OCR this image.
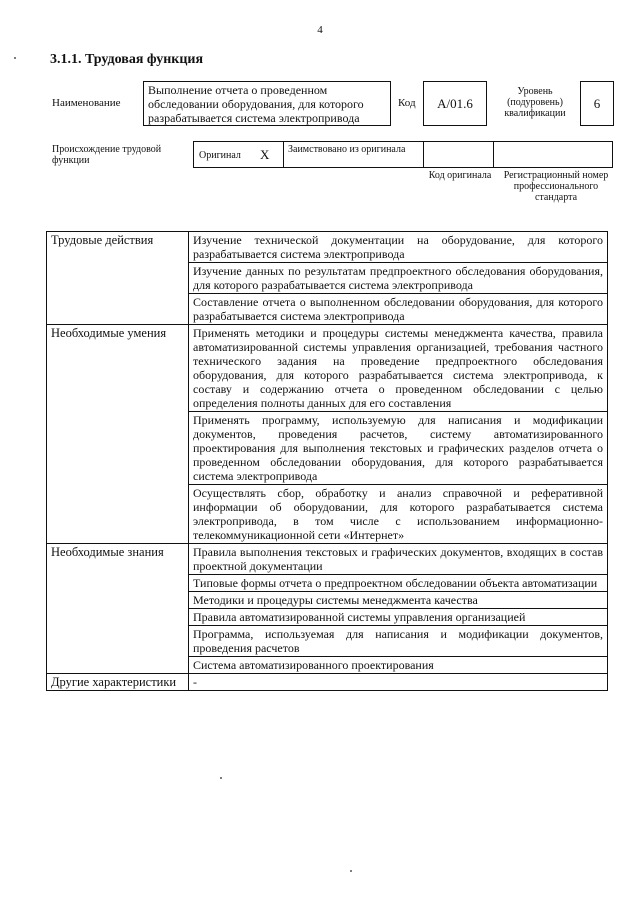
4
3.1.1. Трудовая функция
Наименование
Выполнение отчета о проведенном обследовании оборудования, для которого разрабатывается система электропривода
Код A/01.6
Уровень (подуровень) квалификации
6
Происхождение трудовой функции	Оригинал X Заимствовано из оригинала
Код оригинала	Регистрационный номер профессионального стандарта
Трудовые действия	Изучение технической документации на оборудование, для которого разрабатывается система электропривода
	Изучение данных по результатам предпроектного обследования оборудования, для которого разрабатывается система электропривода
	Составление отчета о выполненном обследовании оборудования, для которого разрабатывается система электропривода
Необходимые умения	Применять методики и процедуры системы менеджмента качества, правила автоматизированной системы управления организацией, требования частного технического задания на проведение предпроектного обследования оборудования, для которого разрабатывается система электропривода, к составу и содержанию отчета о проведенном обследовании с целью определения полноты данных для его составления
	Применять программу, используемую для написания и модификации документов, проведения расчетов, систему автоматизированного проектирования для выполнения текстовых и графических разделов отчета о проведенном обследовании оборудования, для которого разрабатывается система электропривода
	Осуществлять сбор, обработку и анализ справочной и реферативной информации об оборудовании, для которого разрабатывается система электропривода, в том числе с использованием информационно-телекоммуникационной сети «Интернет»
Необходимые знания	Правила выполнения текстовых и графических документов, входящих в состав проектной документации
	Типовые формы отчета о предпроектном обследовании объекта автоматизации
	Методики и процедуры системы менеджмента качества
	Правила автоматизированной системы управления организацией
	Программа, используемая для написания и модификации документов, проведения расчетов
	Система автоматизированного проектирования
Другие характеристики	-
